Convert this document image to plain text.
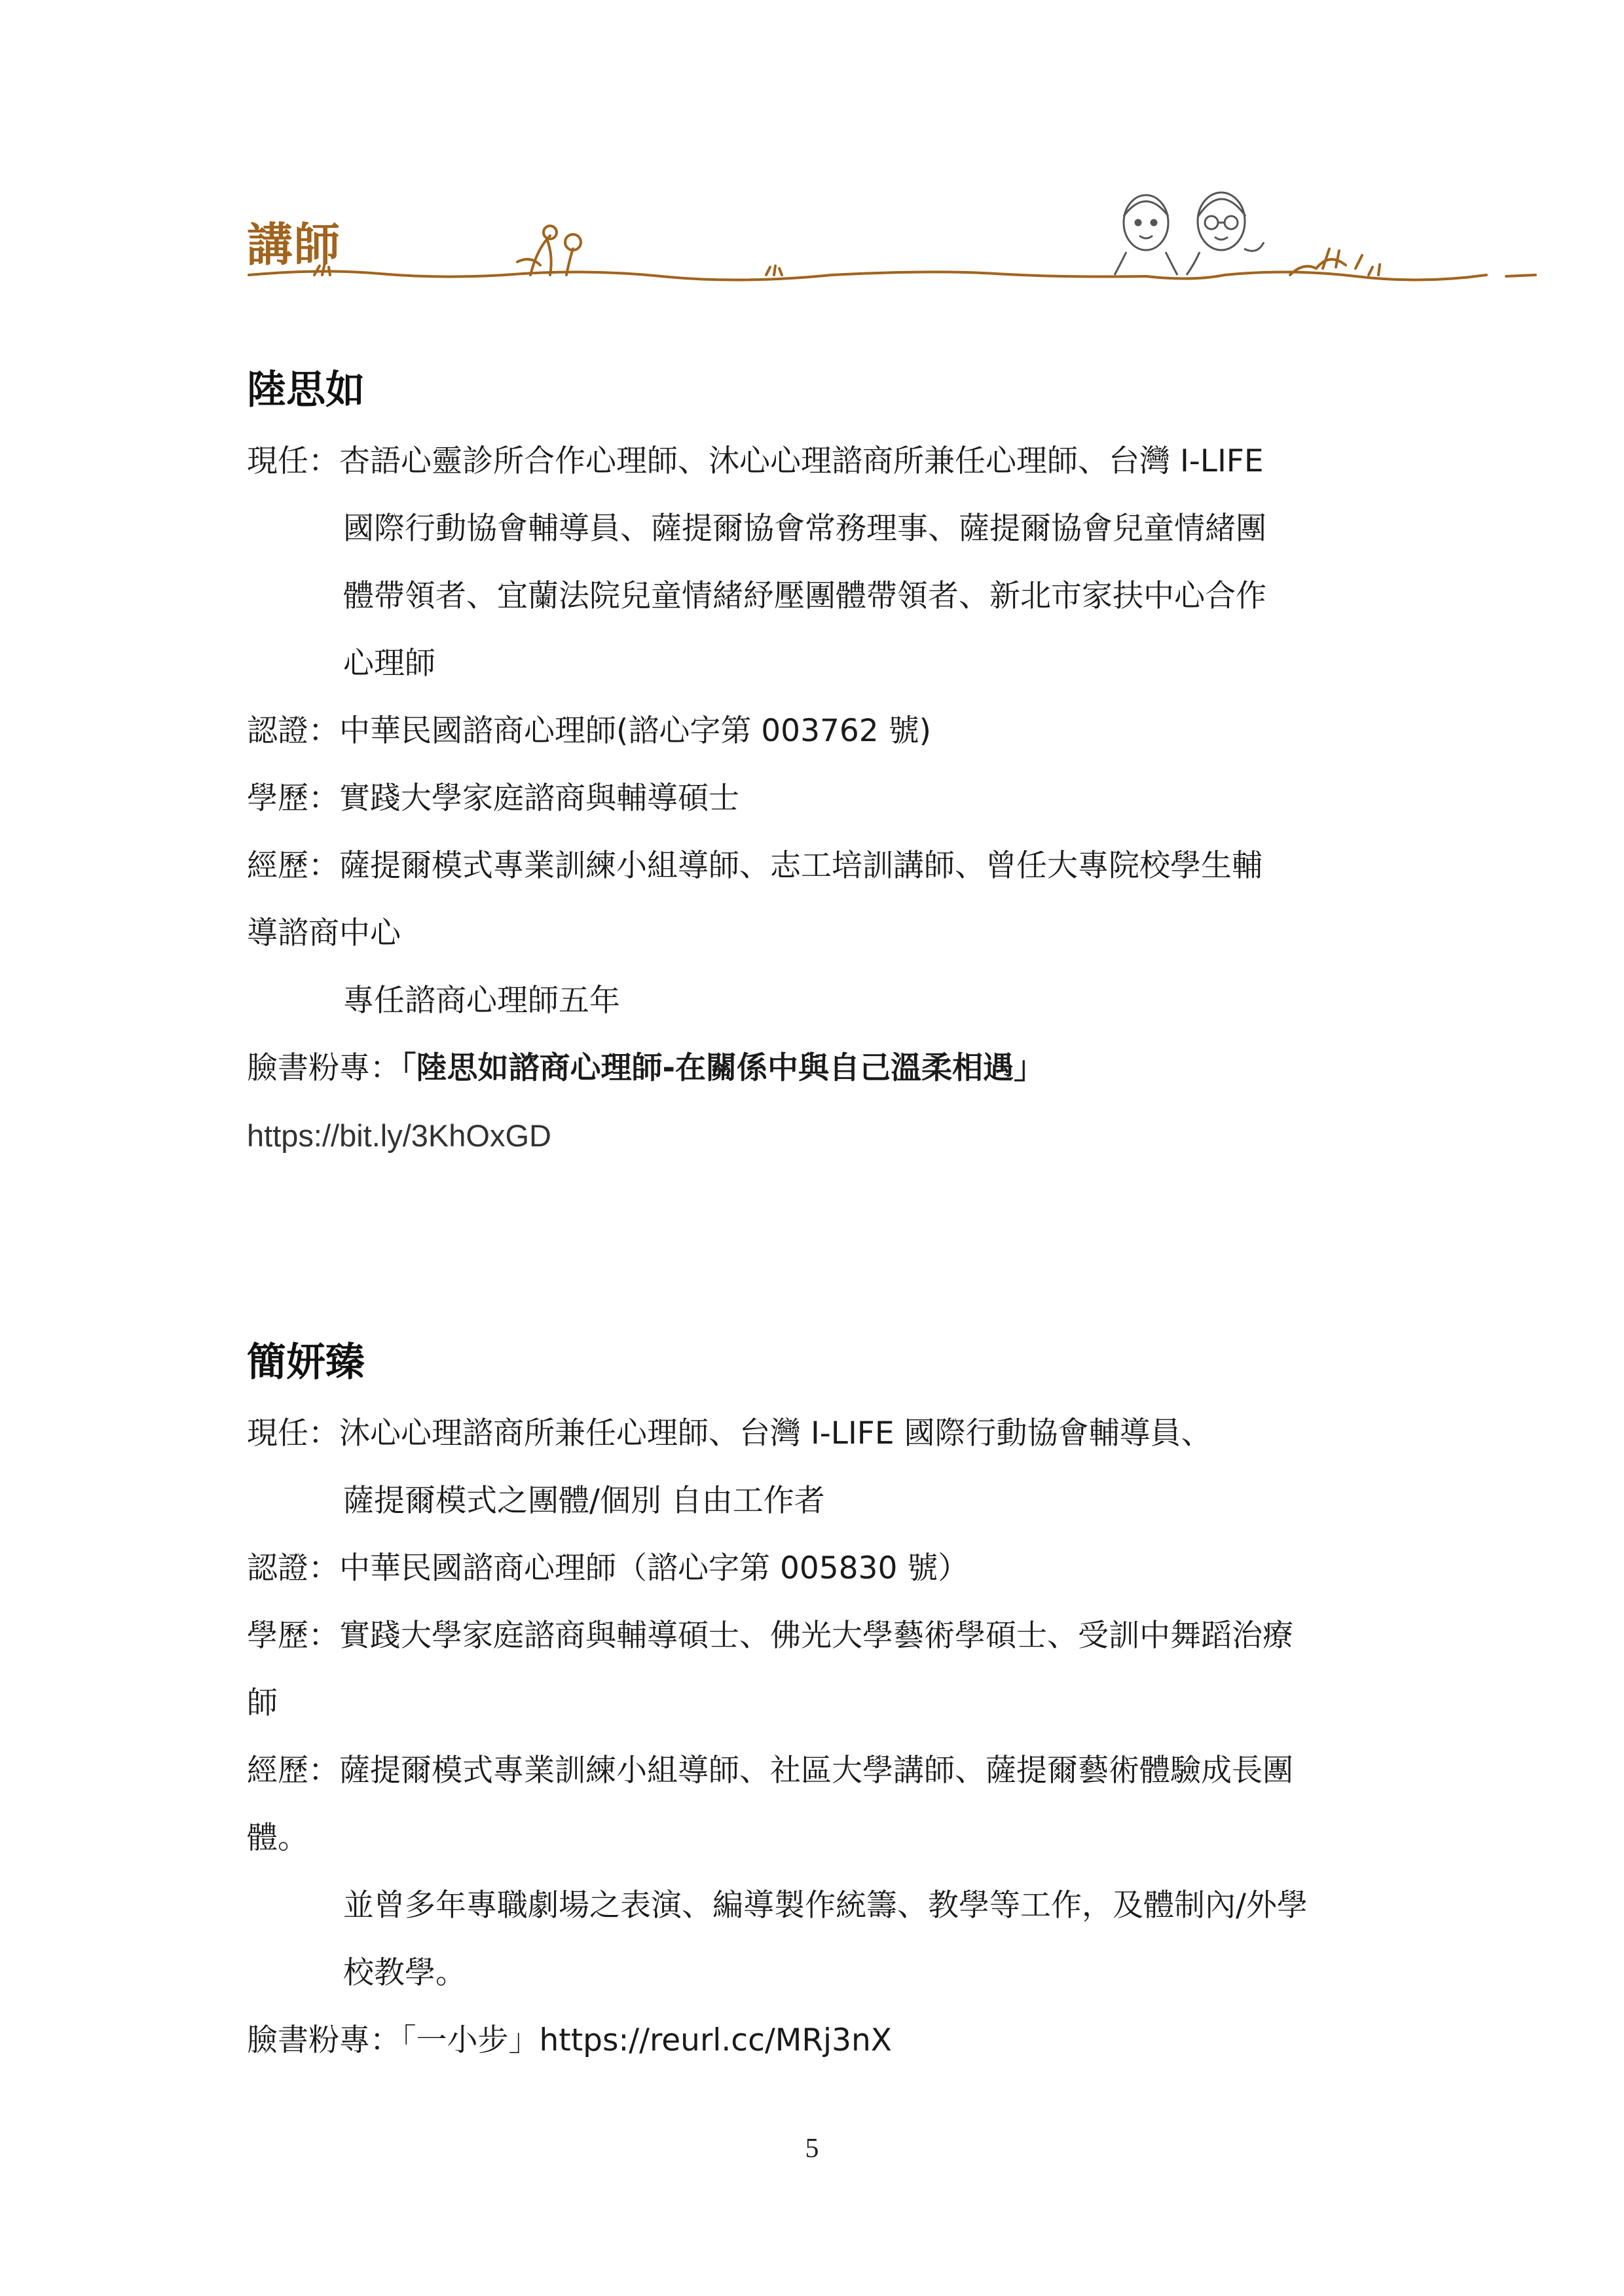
講師
陸思如
現任：杏語心靈診所合作心理師、沐心心理諮商所兼任心理師、台灣 I-LIFE
國際行動協會輔導員、薩提爾協會常務理事、薩提爾協會兒童情緒團
體帶領者、宜蘭法院兒童情緒紓壓團體帶領者、新北市家扶中心合作
心理師
認證：中華民國諮商心理師(諮心字第 003762 號)
學歷：實踐大學家庭諮商與輔導碩士
經歷：薩提爾模式專業訓練小組導師、志工培訓講師、曾任大專院校學生輔
導諮商中心
專任諮商心理師五年
臉書粉專：「陸思如諮商心理師-在關係中與自己溫柔相遇」
https://bit.ly/3KhOxGD
簡妍臻
現任：沐心心理諮商所兼任心理師、台灣 I-LIFE 國際行動協會輔導員、
薩提爾模式之團體/個別 自由工作者
認證：中華民國諮商心理師（諮心字第 005830 號）
學歷：實踐大學家庭諮商與輔導碩士、佛光大學藝術學碩士、受訓中舞蹈治療
師
經歷：薩提爾模式專業訓練小組導師、社區大學講師、薩提爾藝術體驗成長團
體。
並曾多年專職劇場之表演、編導製作統籌、教學等工作，及體制內/外學
校教學。
臉書粉專：「一小步」https://reurl.cc/MRj3nX
5
